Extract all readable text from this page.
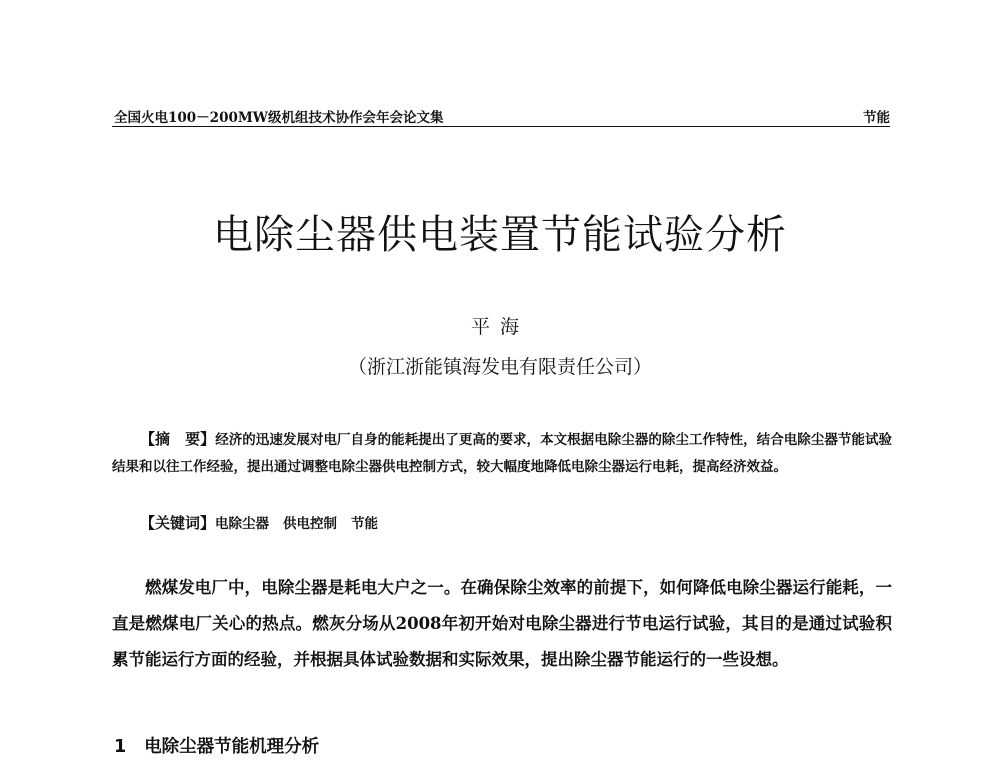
全国火电100－200MW级机组技术协作会年会论文集	节能
电除尘器供电装置节能试验分析
平海
（浙江浙能镇海发电有限责任公司）
【摘　要】经济的迅速发展对电厂自身的能耗提出了更高的要求，本文根据电除尘器的除尘工作特性，结合电除尘器节能试验结果和以往工作经验，提出通过调整电除尘器供电控制方式，较大幅度地降低电除尘器运行电耗，提高经济效益。
【关键词】电除尘器 供电控制 节能
燃煤发电厂中，电除尘器是耗电大户之一。在确保除尘效率的前提下，如何降低电除尘器运行能耗，一直是燃煤电厂关心的热点。燃灰分场从2008年初开始对电除尘器进行节电运行试验，其目的是通过试验积累节能运行方面的经验，并根据具体试验数据和实际效果，提出除尘器节能运行的一些设想。
1 电除尘器节能机理分析
